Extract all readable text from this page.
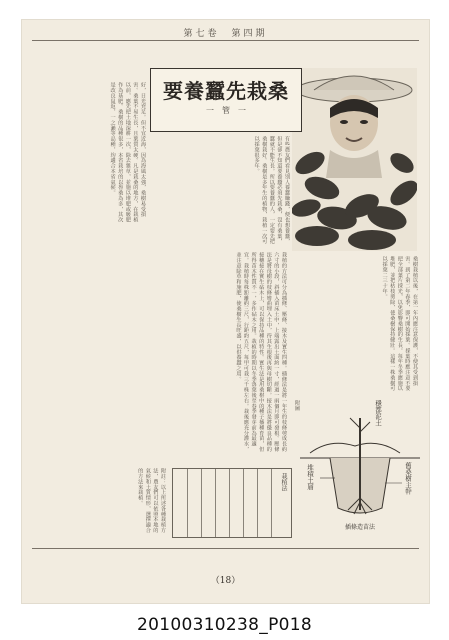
第七卷　第四期
好，日光充足。但不宜近海，因為海風太強，桑樹易受損害。桑葉不易生長，且葉質太硬。凡是栽桑的地方，在栽植以前，應先把土地深耕一次，除去雜草，並施以堆肥或廏肥作為基肥。桑樹的品種很多，本省栽培的以魯桑為多，其次是改良鼠返，一之瀨等品種，均適合本省氣候。
栽植的方法可分為插條、壓條、接木及實生四種。插條法是將一年生的枝條剪成長約六寸的小段，斜插入苗床土中，上端露出土面約一寸，經過一兩個月即可發根。壓條法是將母樹的枝條彎曲埋入土中，待其生根後再與母樹切斷。接木法是將優良品種的接穗接在實生砧木上，可以保持品種的特性。實生法是用桑椹中的種子播種育苗，但所得苗木性質不一，多作砧木之用。栽植的時期以冬季落葉後至春季發芽前為最適宜。栽植時每株距離約三尺，行距約五尺，每甲可栽三千株左右。栽後應充分灌水，並注意除草和施肥，使桑樹生長旺盛，以供養蠶之用。
有些農友們看見別人養蠶賺錢，便也想養蠶，但是卻不知道要養蠶必須先栽桑，沒有桑葉，蠶就不能生長。所以要養蠶的人，一定要先把桑樹栽好。桑樹是多年生的植物，栽植一次可以採葉很多年。
要養蠶先栽桑
一　管　一
桑樹栽植以後，在第一年內應注意保護，不使其受到損害。到了第二年春季，即可開始採葉。採葉時應注意不要把全部葉片採光，以免影響桑樹的生長。每年冬季應施以堆肥，並把枯枝剪除，使桑樹保持健壯。這樣一株桑樹可以採葉二三十年。
穩都泥土
堆積土層	舊桑樹主幹
插條造苗法
附圖
栽植法
附註：以上所述各種栽植方法，農友們可以依照本地的氣候和土質情形，選擇適合的方法來栽植。
（18）
20100310238_P018
